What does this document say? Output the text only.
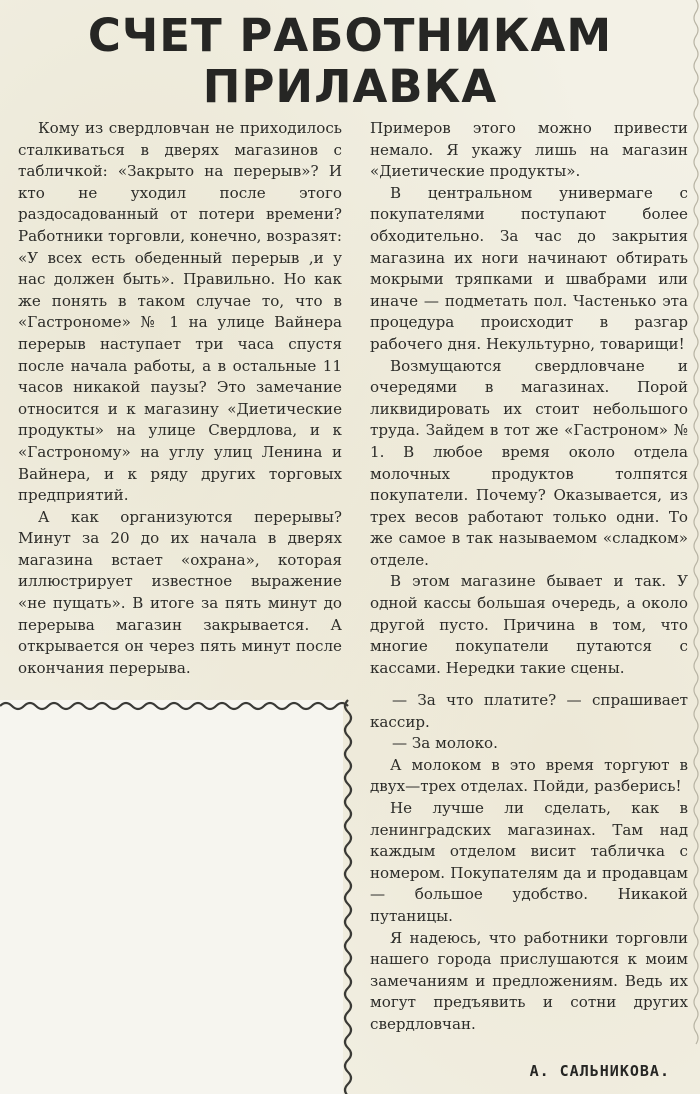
СЧЕТ РАБОТНИКАМ
ПРИЛАВКА

Кому из свердловчан не приходилось сталкиваться в дверях магазинов с табличкой: «Закрыто на перерыв»? И кто не уходил после этого раздосадованный от потери времени? Работники торговли, конечно, возразят: «У всех есть обеденный перерыв ,и у нас должен быть». Правильно. Но как же понять в таком случае то, что в «Гастрономе» № 1 на улице Вайнера перерыв наступает три часа спустя после начала работы, а в остальные 11 часов никакой паузы? Это замечание относится и к магазину «Диетические продукты» на улице Свердлова, и к «Гастроному» на углу улиц Ленина и Вайнера, и к ряду других торговых предприятий.

А как организуются перерывы? Минут за 20 до их начала в дверях магазина встает «охрана», которая иллюстрирует известное выражение «не пущать». В итоге за пять минут до перерыва магазин закрывается. А открывается он через пять минут после окончания перерыва.

Примеров этого можно привести немало. Я укажу лишь на магазин «Диетические продукты».

В центральном универмаге с покупателями поступают более обходительно. За час до закрытия магазина их ноги начинают обтирать мокрыми тряпками и швабрами или иначе — подметать пол. Частенько эта процедура происходит в разгар рабочего дня. Некультурно, товарищи!

Возмущаются свердловчане и очередями в магазинах. Порой ликвидировать их стоит небольшого труда. Зайдем в тот же «Гастроном» № 1. В любое время около отдела молочных продуктов толпятся покупатели. Почему? Оказывается, из трех весов работают только одни. То же самое в так называемом «сладком» отделе.

В этом магазине бывает и так. У одной кассы большая очередь, а около другой пусто. Причина в том, что многие покупатели путаются с кассами. Нередки такие сцены.

— За что платите? — спрашивает кассир.

— За молоко.

А молоком в это время торгуют в двух—трех отделах. Пойди, разберись!

Не лучше ли сделать, как в ленинградских магазинах. Там над каждым отделом висит табличка с номером. Покупателям да и продавцам — большое удобство. Никакой путаницы.

Я надеюсь, что работники торговли нашего города прислушаются к моим замечаниям и предложениям. Ведь их могут предъявить и сотни других свердловчан.

А. САЛЬНИКОВА.
